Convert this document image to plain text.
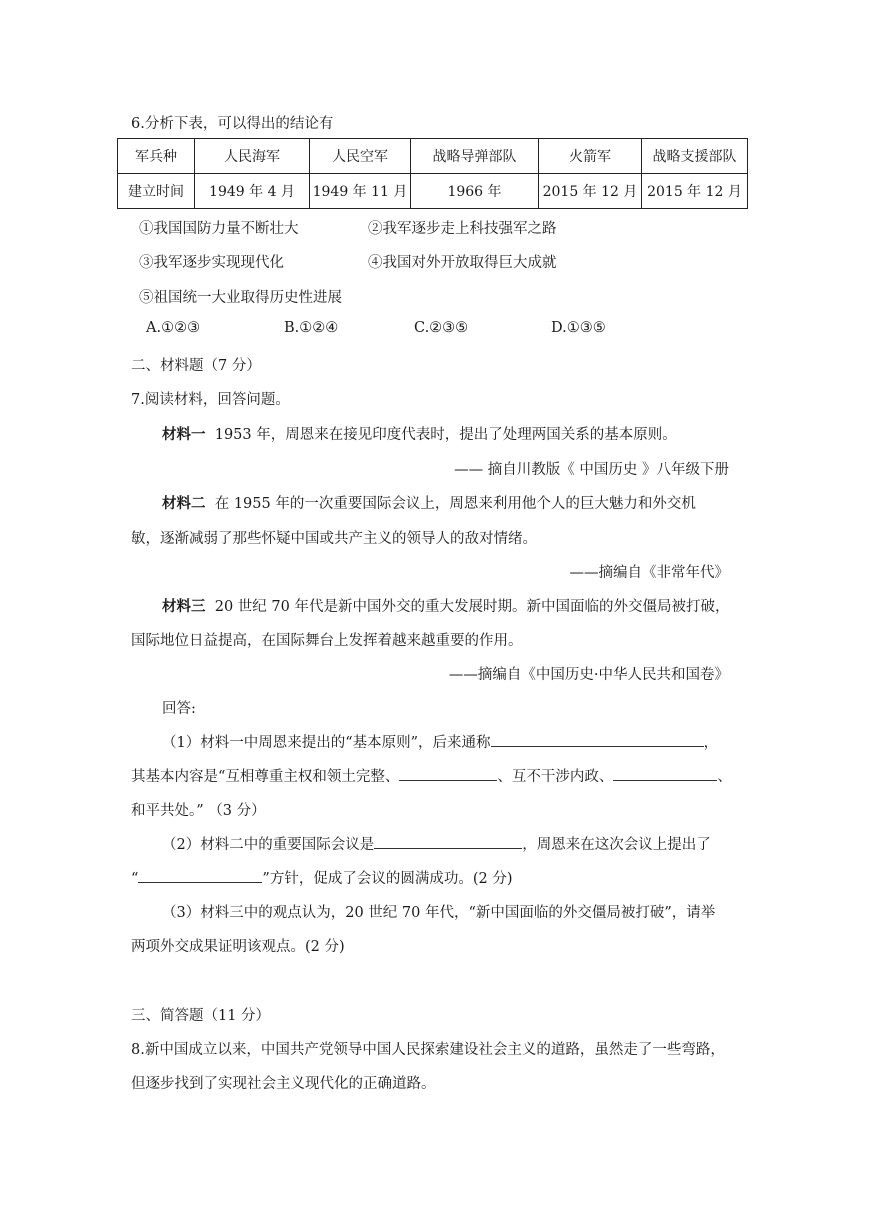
6.分析下表，可以得出的结论有
军兵种	人民海军	人民空军	战略导弹部队	火箭军	战略支援部队
建立时间	1949 年 4 月	1949 年 11 月	1966 年	2015 年 12 月	2015 年 12 月
①我国国防力量不断壮大	②我军逐步走上科技强军之路
③我军逐步实现现代化	④我国对外开放取得巨大成就
⑤祖国统一大业取得历史性进展
A.①②③	B.①②④	C.②③⑤	D.①③⑤
二、材料题（7 分）
7.阅读材料，回答问题。
材料一  1953 年，周恩来在接见印度代表时，提出了处理两国关系的基本原则。
—— 摘自川教版《 中国历史 》八年级下册
材料二  在 1955 年的一次重要国际会议上，周恩来利用他个人的巨大魅力和外交机
敏，逐渐减弱了那些怀疑中国或共产主义的领导人的敌对情绪。
——摘编自《非常年代》
材料三  20 世纪 70 年代是新中国外交的重大发展时期。新中国面临的外交僵局被打破，
国际地位日益提高，在国际舞台上发挥着越来越重要的作用。
——摘编自《中国历史·中华人民共和国卷》
回答:
（1）材料一中周恩来提出的“基本原则”，后来通称	，
其基本内容是“互相尊重主权和领土完整、	、互不干涉内政、	、
和平共处。” （3 分）
（2）材料二中的重要国际会议是	，周恩来在这次会议上提出了
“	”方针，促成了会议的圆满成功。(2 分)
（3）材料三中的观点认为，20 世纪 70 年代，“新中国面临的外交僵局被打破”，请举
两项外交成果证明该观点。(2 分)
三、简答题（11 分）
8.新中国成立以来，中国共产党领导中国人民探索建设社会主义的道路，虽然走了一些弯路，
但逐步找到了实现社会主义现代化的正确道路。
